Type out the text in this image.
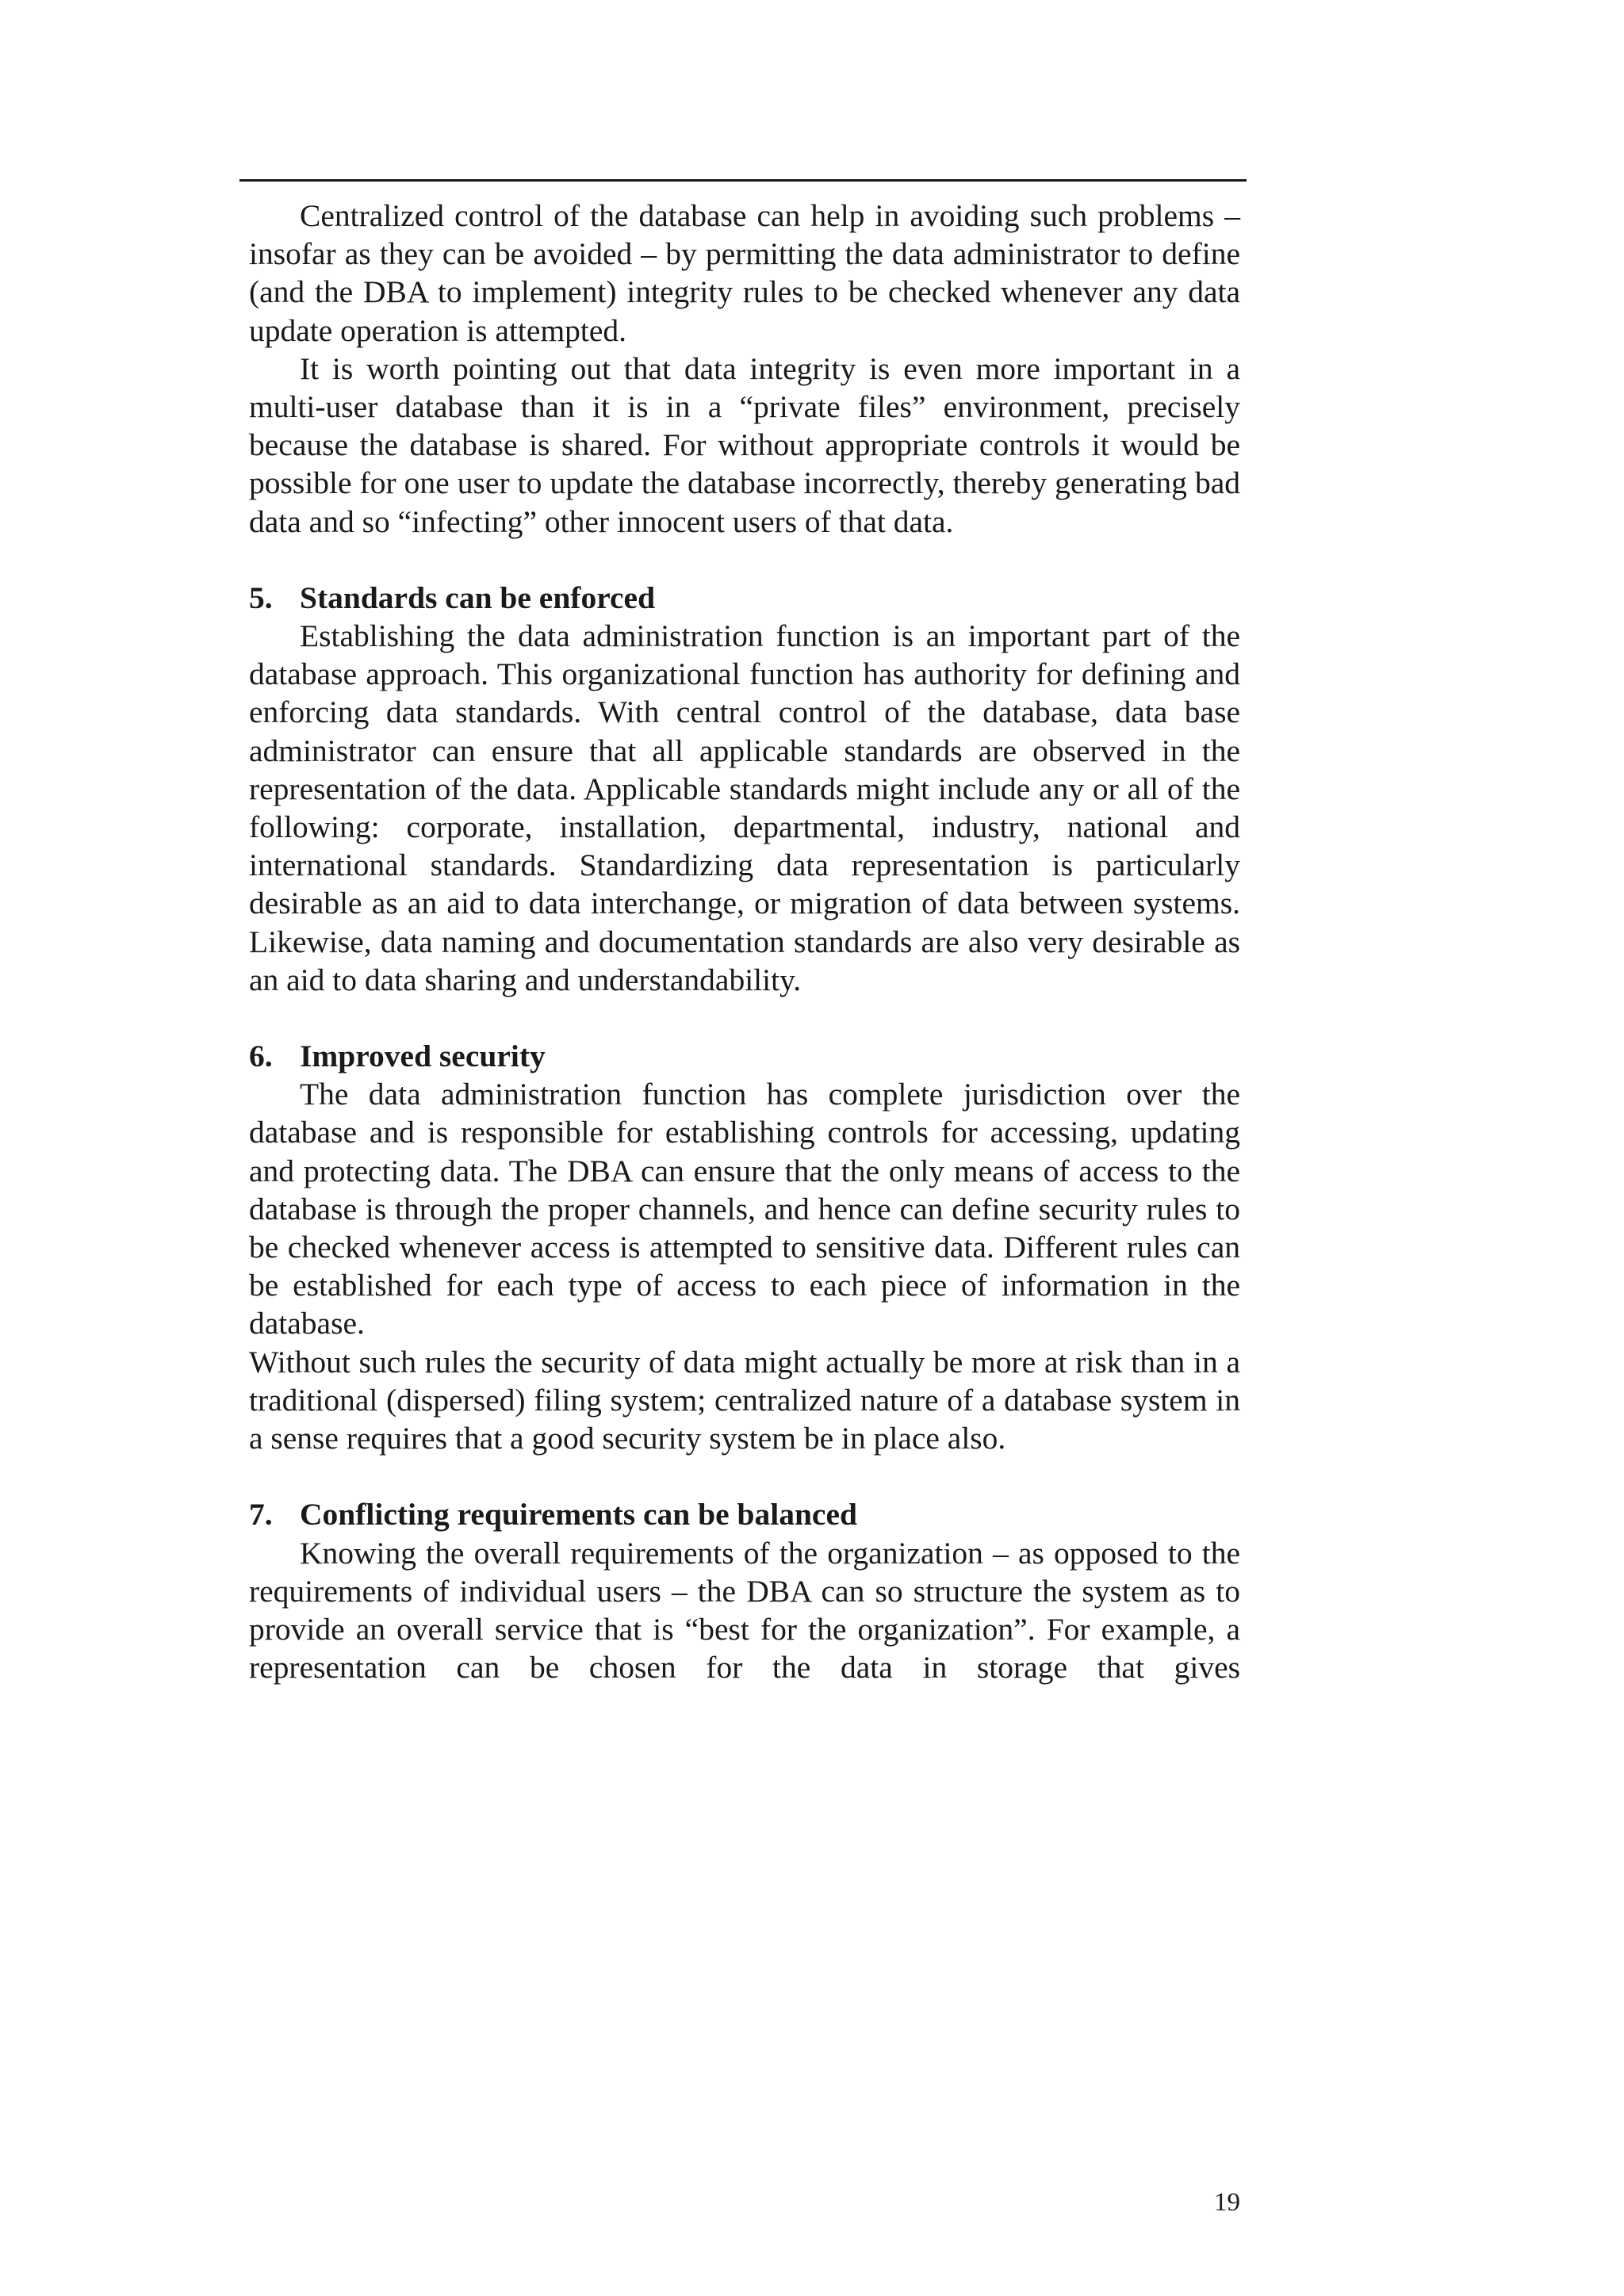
Centralized control of the database can help in avoiding such problems – insofar as they can be avoided – by permitting the data administrator to define (and the DBA to implement) integrity rules to be checked whenever any data update operation is attempted.

It is worth pointing out that data integrity is even more important in a multi-user database than it is in a “private files” environment, precisely because the database is shared. For without appropriate controls it would be possible for one user to update the database incorrectly, thereby generating bad data and so “infecting” other innocent users of that data.

5. Standards can be enforced

Establishing the data administration function is an important part of the database approach. This organizational function has authority for defining and enforcing data standards. With central control of the database, data base administrator can ensure that all applicable standards are observed in the representation of the data. Applicable standards might include any or all of the following: corporate, installation, departmental, industry, national and international standards. Standardizing data representation is particularly desirable as an aid to data interchange, or migration of data between systems. Likewise, data naming and documentation standards are also very desirable as an aid to data sharing and understandability.

6. Improved security

The data administration function has complete jurisdiction over the database and is responsible for establishing controls for accessing, updating and protecting data. The DBA can ensure that the only means of access to the database is through the proper channels, and hence can define security rules to be checked whenever access is attempted to sensitive data. Different rules can be established for each type of access to each piece of information in the database.

Without such rules the security of data might actually be more at risk than in a traditional (dispersed) filing system; centralized nature of a database system in a sense requires that a good security system be in place also.

7. Conflicting requirements can be balanced

Knowing the overall requirements of the organization – as opposed to the requirements of individual users – the DBA can so structure the system as to provide an overall service that is “best for the organization”. For example, a representation can be chosen for the data in storage that gives

19
